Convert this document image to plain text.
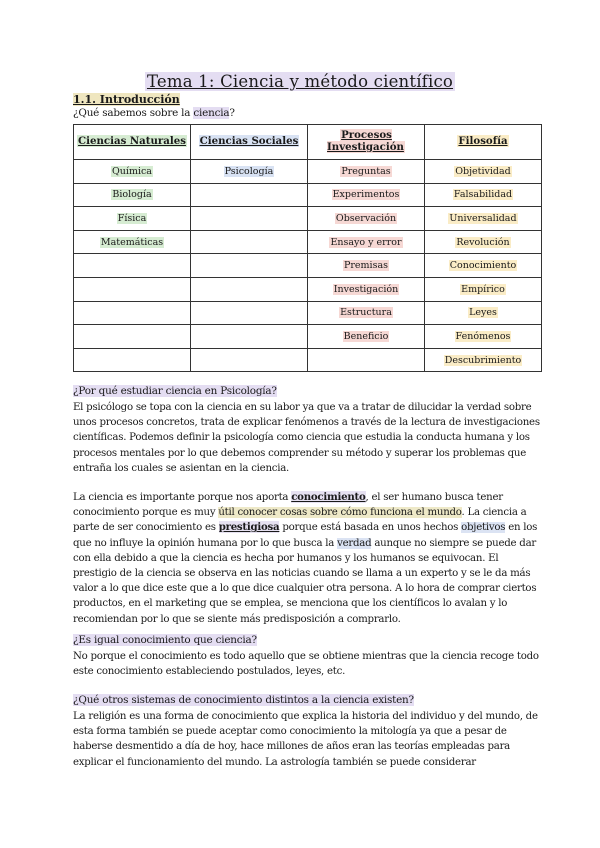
Tema 1: Ciencia y método científico
1.1. Introducción
¿Qué sabemos sobre la ciencia?
Ciencias Naturales	Ciencias Sociales	Procesos Investigación	Filosofía
Química	Psicología	Preguntas	Objetividad
Biología		Experimentos	Falsabilidad
Física		Observación	Universalidad
Matemáticas		Ensayo y error	Revolución
		Premisas	Conocimiento
		Investigación	Empírico
		Estructura	Leyes
		Beneficio	Fenómenos
			Descubrimiento
¿Por qué estudiar ciencia en Psicología?

El psicólogo se topa con la ciencia en su labor ya que va a tratar de dilucidar la verdad sobre unos procesos concretos, trata de explicar fenómenos a través de la lectura de investigaciones científicas. Podemos definir la psicología como ciencia que estudia la conducta humana y los procesos mentales por lo que debemos comprender su método y superar los problemas que entraña los cuales se asientan en la ciencia.

La ciencia es importante porque nos aporta conocimiento, el ser humano busca tener conocimiento porque es muy útil conocer cosas sobre cómo funciona el mundo. La ciencia a parte de ser conocimiento es prestigiosa porque está basada en unos hechos objetivos en los que no influye la opinión humana por lo que busca la verdad aunque no siempre se puede dar con ella debido a que la ciencia es hecha por humanos y los humanos se equivocan. El prestigio de la ciencia se observa en las noticias cuando se llama a un experto y se le da más valor a lo que dice este que a lo que dice cualquier otra persona. A lo hora de comprar ciertos productos, en el marketing que se emplea, se menciona que los científicos lo avalan y lo recomiendan por lo que se siente más predisposición a comprarlo.

¿Es igual conocimiento que ciencia?

No porque el conocimiento es todo aquello que se obtiene mientras que la ciencia recoge todo este conocimiento estableciendo postulados, leyes, etc.

¿Qué otros sistemas de conocimiento distintos a la ciencia existen?

La religión es una forma de conocimiento que explica la historia del individuo y del mundo, de esta forma también se puede aceptar como conocimiento la mitología ya que a pesar de haberse desmentido a día de hoy, hace millones de años eran las teorías empleadas para explicar el funcionamiento del mundo. La astrología también se puede considerar
